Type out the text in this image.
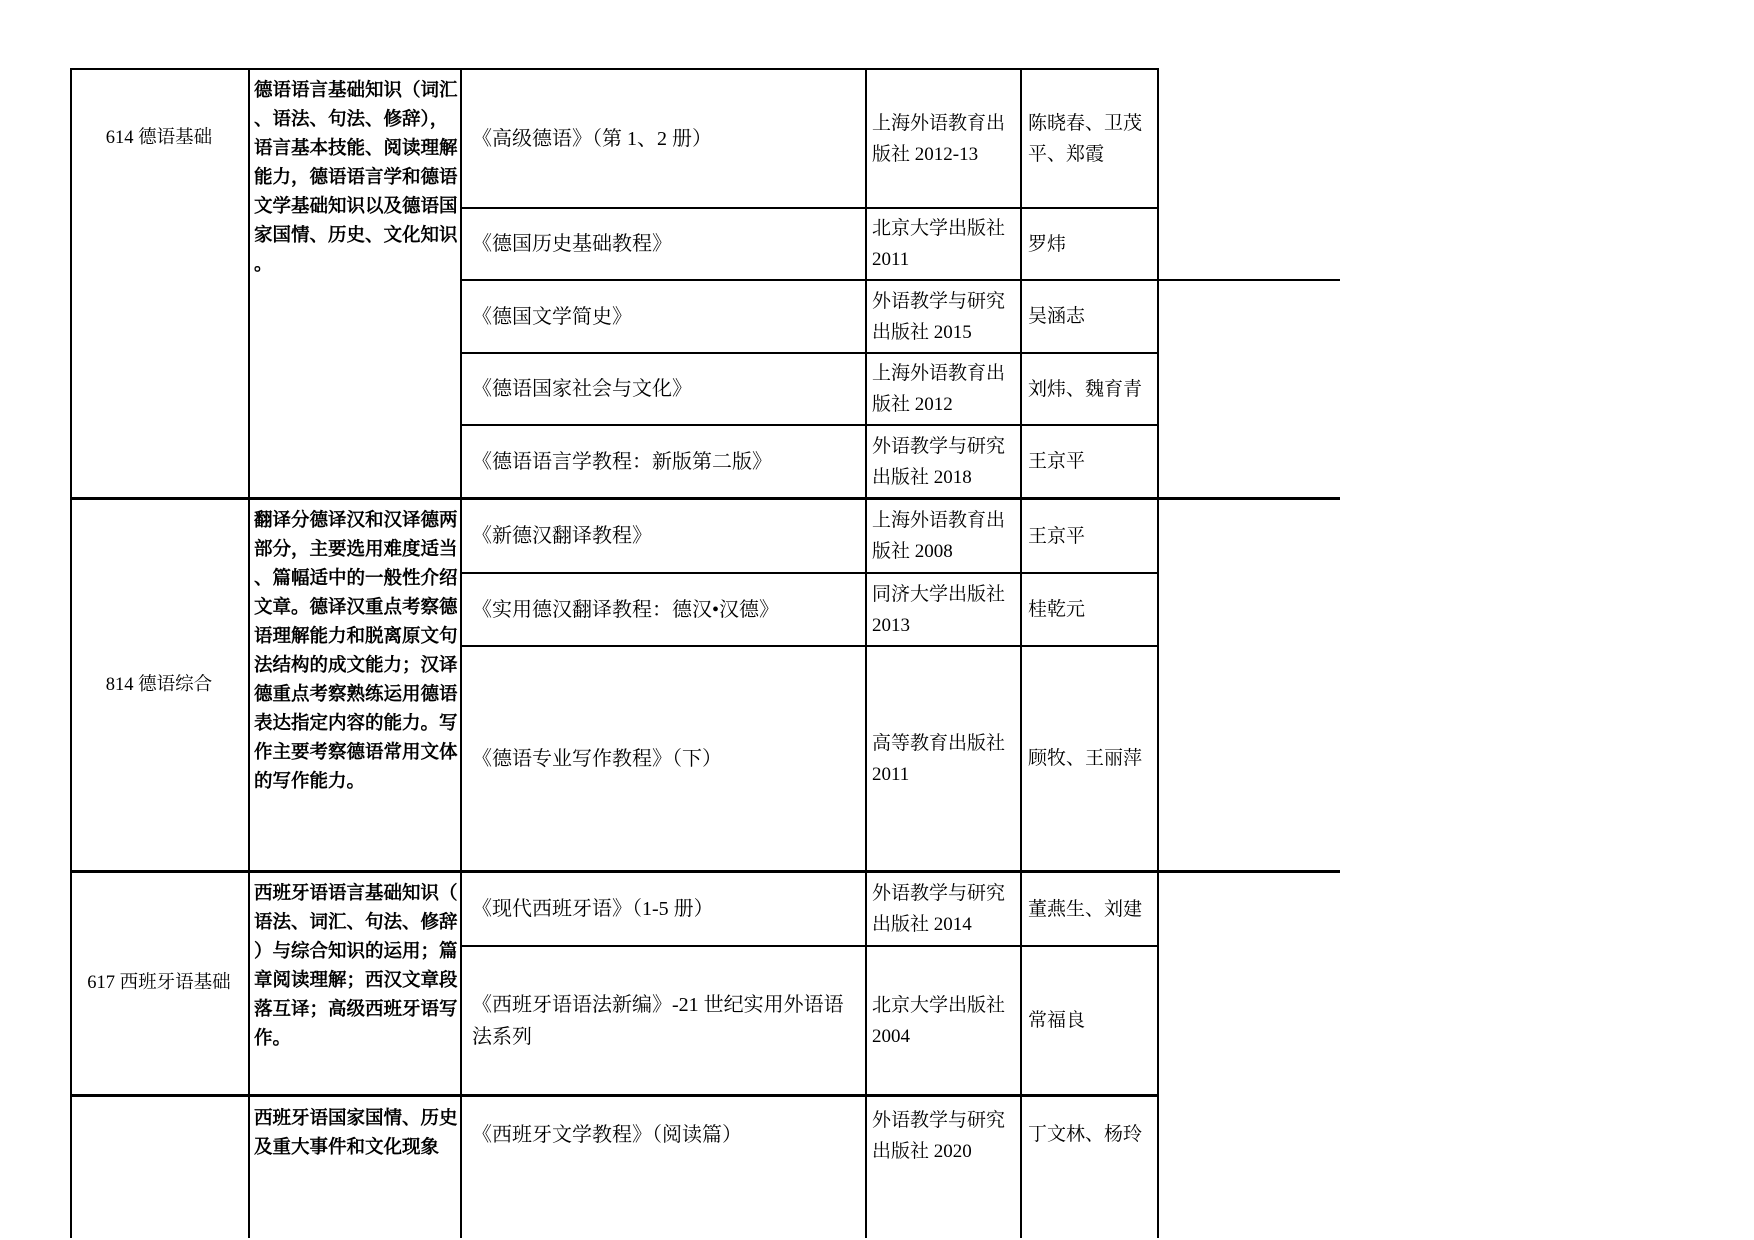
614 德语基础
德语语言基础知识（词汇、语法、句法、修辞），语言基本技能、阅读理解能力，德语语言学和德语文学基础知识以及德语国家国情、历史、文化知识。
《高级德语》（第 1、2 册）
上海外语教育出版社 2012-13
陈晓春、卫茂平、郑霞
《德国历史基础教程》
北京大学出版社 2011
罗炜
《德国文学简史》
外语教学与研究出版社 2015
吴涵志
《德语国家社会与文化》
上海外语教育出版社 2012
刘炜、魏育青
《德语语言学教程：新版第二版》
外语教学与研究出版社 2018
王京平
814 德语综合
翻译分德译汉和汉译德两部分，主要选用难度适当、篇幅适中的一般性介绍文章。德译汉重点考察德语理解能力和脱离原文句法结构的成文能力；汉译德重点考察熟练运用德语表达指定内容的能力。写作主要考察德语常用文体的写作能力。
《新德汉翻译教程》
上海外语教育出版社 2008
王京平
《实用德汉翻译教程：德汉•汉德》
同济大学出版社 2013
桂乾元
《德语专业写作教程》（下）
高等教育出版社 2011
顾牧、王丽萍
617 西班牙语基础
西班牙语语言基础知识（语法、词汇、句法、修辞）与综合知识的运用；篇章阅读理解；西汉文章段落互译；高级西班牙语写作。
《现代西班牙语》（1-5 册）
外语教学与研究出版社 2014
董燕生、刘建
《西班牙语语法新编》-21 世纪实用外语语法系列
北京大学出版社 2004
常福良
西班牙语国家国情、历史及重大事件和文化现象
《西班牙文学教程》（阅读篇）
外语教学与研究出版社 2020
丁文林、杨玲
